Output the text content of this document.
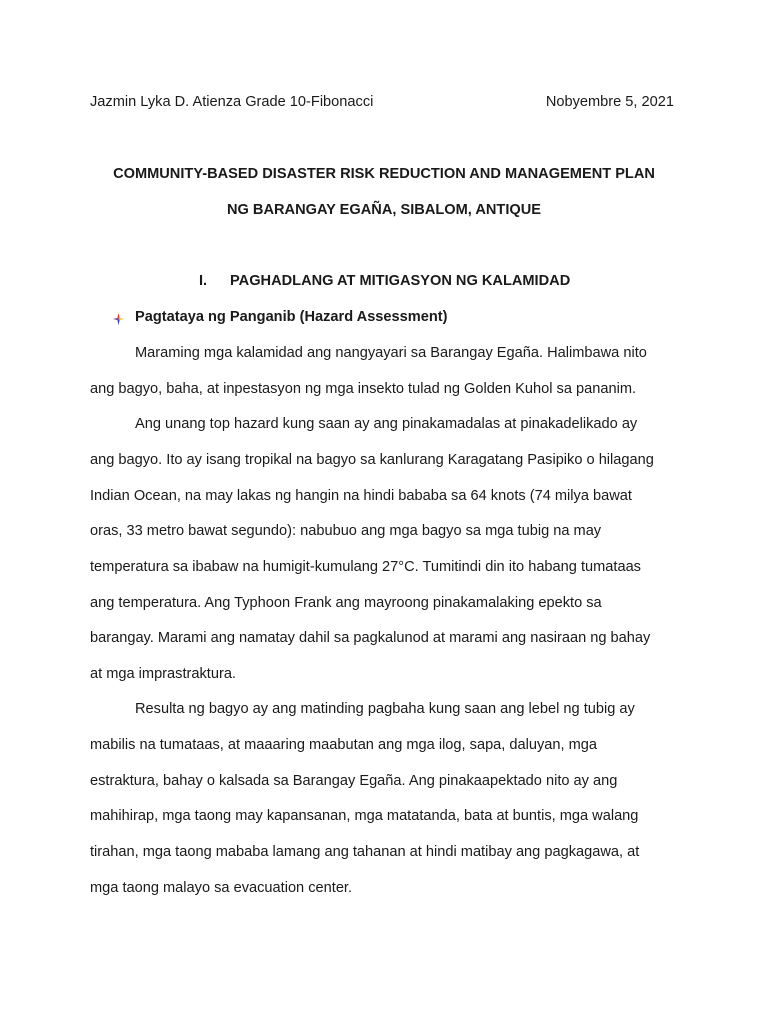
Jazmin Lyka D. Atienza Grade 10-Fibonacci	Nobyembre 5, 2021
COMMUNITY-BASED DISASTER RISK REDUCTION AND MANAGEMENT PLAN
NG BARANGAY EGAÑA, SIBALOM, ANTIQUE
I.	PAGHADLANG AT MITIGASYON NG KALAMIDAD
Pagtataya ng Panganib (Hazard Assessment)
Maraming mga kalamidad ang nangyayari sa Barangay Egaña. Halimbawa nito
ang bagyo, baha, at inpestasyon ng mga insekto tulad ng Golden Kuhol sa pananim.
Ang unang top hazard kung saan ay ang pinakamadalas at pinakadelikado ay
ang bagyo. Ito ay isang tropikal na bagyo sa kanlurang Karagatang Pasipiko o hilagang
Indian Ocean, na may lakas ng hangin na hindi bababa sa 64 knots (74 milya bawat
oras, 33 metro bawat segundo): nabubuo ang mga bagyo sa mga tubig na may
temperatura sa ibabaw na humigit-kumulang 27°C. Tumitindi din ito habang tumataas
ang temperatura. Ang Typhoon Frank ang mayroong pinakamalaking epekto sa
barangay. Marami ang namatay dahil sa pagkalunod at marami ang nasiraan ng bahay
at mga imprastraktura.
Resulta ng bagyo ay ang matinding pagbaha kung saan ang lebel ng tubig ay
mabilis na tumataas, at maaaring maabutan ang mga ilog, sapa, daluyan, mga
estraktura, bahay o kalsada sa Barangay Egaña. Ang pinakaapektado nito ay ang
mahihirap, mga taong may kapansanan, mga matatanda, bata at buntis, mga walang
tirahan, mga taong mababa lamang ang tahanan at hindi matibay ang pagkagawa, at
mga taong malayo sa evacuation center.
